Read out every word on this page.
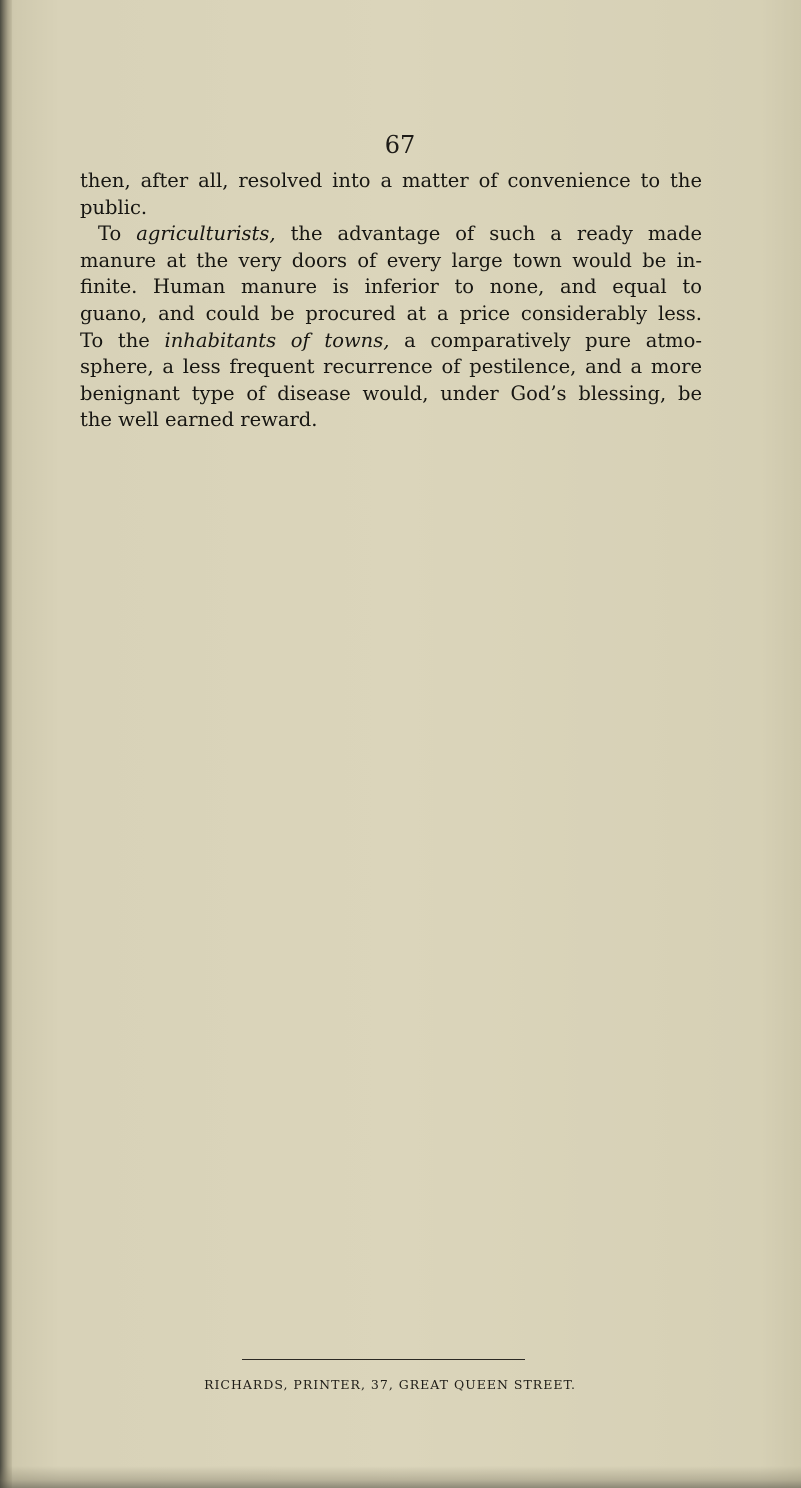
67

then, after all, resolved into a matter of convenience to the
public.
To agriculturists, the advantage of such a ready made
manure at the very doors of every large town would be in-
finite. Human manure is inferior to none, and equal to
guano, and could be procured at a price considerably less.
To the inhabitants of towns, a comparatively pure atmo-
sphere, a less frequent recurrence of pestilence, and a more
benignant type of disease would, under God’s blessing, be
the well earned reward.

RICHARDS, PRINTER, 37, GREAT QUEEN STREET.
